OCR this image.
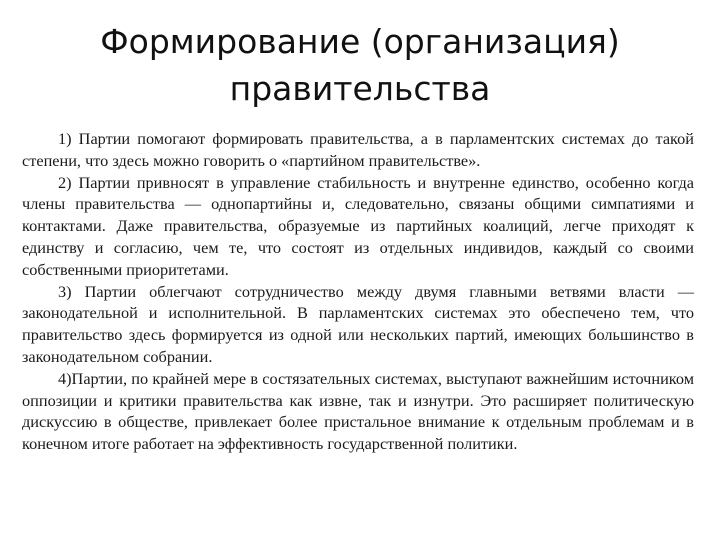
Формирование (организация) правительства

1) Партии помогают формировать правительства, а в парламентских системах до такой степени, что здесь можно говорить о «партийном правительстве».

2) Партии привносят в управление стабильность и внутренне единство, особенно когда члены правительства — однопартийны и, следовательно, связаны общими симпатиями и контактами. Даже правительства, образуемые из партийных коалиций, легче приходят к единству и согласию, чем те, что состоят из отдельных индивидов, каждый со своими собственными приоритетами.

3) Партии облегчают сотрудничество между двумя главными ветвями власти — законодательной и исполнительной. В парламентских системах это обеспечено тем, что правительство здесь формируется из одной или нескольких партий, имеющих большинство в законодательном собрании.

4)Партии, по крайней мере в состязательных системах, выступают важнейшим источником оппозиции и критики правительства как извне, так и изнутри. Это расширяет политическую дискуссию в обществе, привлекает более пристальное внимание к отдельным проблемам и в конечном итоге работает на эффективность государственной политики.
